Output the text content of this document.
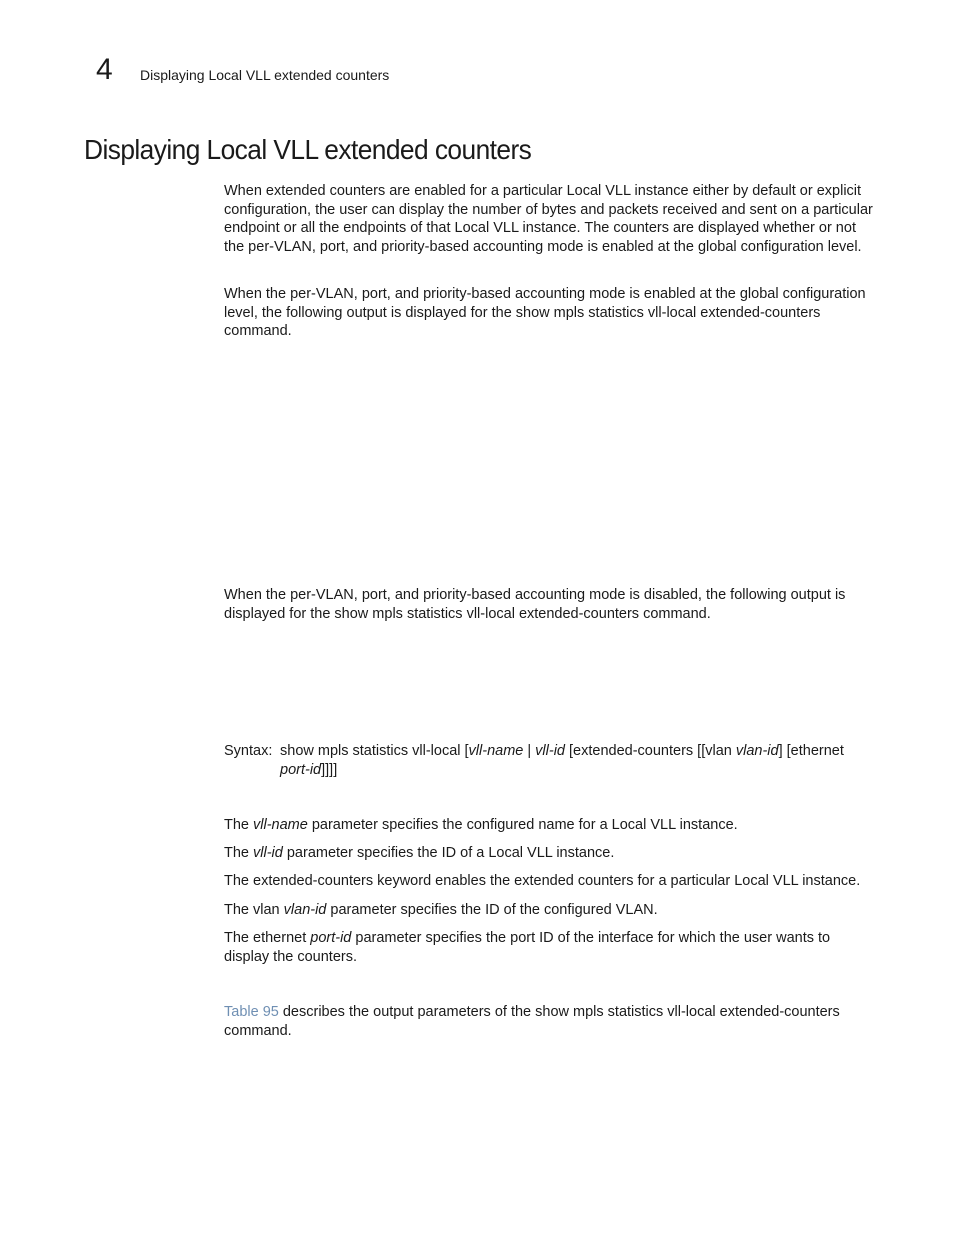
4 Displaying Local VLL extended counters
Displaying Local VLL extended counters

When extended counters are enabled for a particular Local VLL instance either by default or explicit configuration, the user can display the number of bytes and packets received and sent on a particular endpoint or all the endpoints of that Local VLL instance. The counters are displayed whether or not the per-VLAN, port, and priority-based accounting mode is enabled at the global configuration level.

When the per-VLAN, port, and priority-based accounting mode is enabled at the global configuration level, the following output is displayed for the show mpls statistics vll-local extended-counters command.

When the per-VLAN, port, and priority-based accounting mode is disabled, the following output is displayed for the show mpls statistics vll-local extended-counters command.

Syntax: show mpls statistics vll-local [vll-name | vll-id [extended-counters [[vlan vlan-id] [ethernet port-id]]]]

The vll-name parameter specifies the configured name for a Local VLL instance.

The vll-id parameter specifies the ID of a Local VLL instance.

The extended-counters keyword enables the extended counters for a particular Local VLL instance.

The vlan vlan-id parameter specifies the ID of the configured VLAN.

The ethernet port-id parameter specifies the port ID of the interface for which the user wants to display the counters.

Table 95 describes the output parameters of the show mpls statistics vll-local extended-counters command.
